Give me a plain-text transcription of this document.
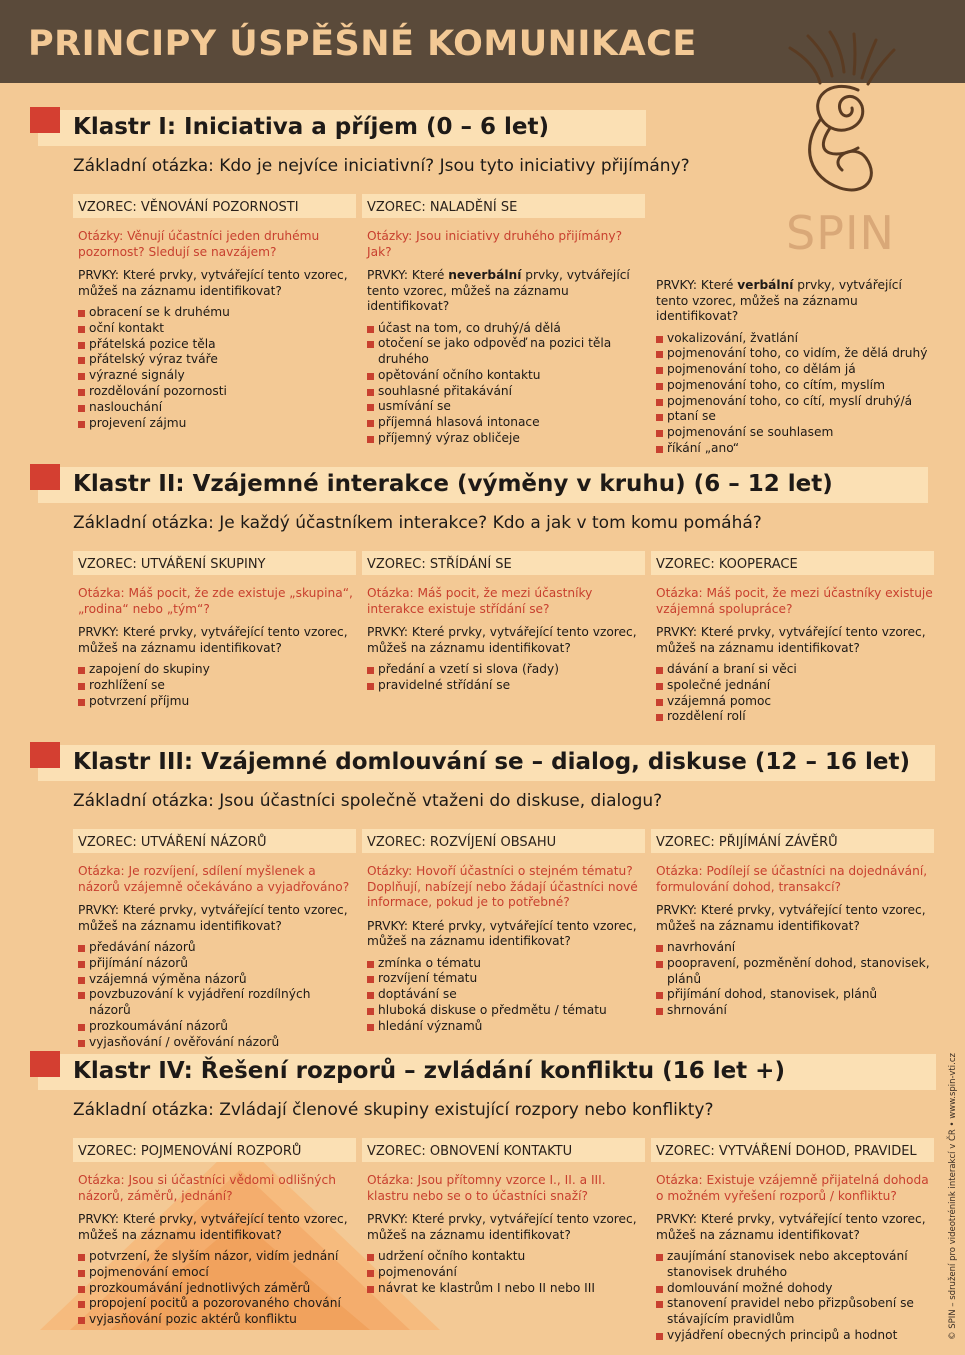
PRINCIPY ÚSPĚŠNÉ KOMUNIKACE
SPIN
© SPIN – sdružení pro videotrénink interakcí v ČR • www.spin-vti.cz
Klastr I: Iniciativa a příjem (0 – 6 let)
Základní otázka: Kdo je nejvíce iniciativní? Jsou tyto iniciativy přijímány?
VZOREC: VĚNOVÁNÍ POZORNOSTI
Otázky: Věnují účastníci jeden druhému pozornost? Sledují se navzájem?
PRVKY: Které prvky, vytvářející tento vzorec, můžeš na záznamu identifikovat?
obracení se k druhému
oční kontakt
přátelská pozice těla
přátelský výraz tváře
výrazné signály
rozdělování pozornosti
naslouchání
projevení zájmu
VZOREC: NALADĚNÍ SE
Otázky: Jsou iniciativy druhého přijímány? Jak?
PRVKY: Které neverbální prvky, vytvářející tento vzorec, můžeš na záznamu identifikovat?
účast na tom, co druhý/á dělá
otočení se jako odpověď na pozici těla druhého
opětování očního kontaktu
souhlasné přitakávání
usmívání se
příjemná hlasová intonace
příjemný výraz obličeje
PRVKY: Které verbální prvky, vytvářející tento vzorec, můžeš na záznamu identifikovat?
vokalizování, žvatlání
pojmenování toho, co vidím, že dělá druhý
pojmenování toho, co dělám já
pojmenování toho, co cítím, myslím
pojmenování toho, co cítí, myslí druhý/á
ptaní se
pojmenování se souhlasem
říkání „ano“
Klastr II: Vzájemné interakce (výměny v kruhu) (6 – 12 let)
Základní otázka: Je každý účastníkem interakce? Kdo a jak v tom komu pomáhá?
VZOREC: UTVÁŘENÍ SKUPINY
Otázka: Máš pocit, že zde existuje „skupina“, „rodina“ nebo „tým“?
PRVKY: Které prvky, vytvářející tento vzorec, můžeš na záznamu identifikovat?
zapojení do skupiny
rozhlížení se
potvrzení příjmu
VZOREC: STŘÍDÁNÍ SE
Otázka: Máš pocit, že mezi účastníky interakce existuje střídání se?
PRVKY: Které prvky, vytvářející tento vzorec, můžeš na záznamu identifikovat?
předání a vzetí si slova (řady)
pravidelné střídání se
VZOREC: KOOPERACE
Otázka: Máš pocit, že mezi účastníky existuje vzájemná spolupráce?
PRVKY: Které prvky, vytvářející tento vzorec, můžeš na záznamu identifikovat?
dávání a braní si věci
společné jednání
vzájemná pomoc
rozdělení rolí
Klastr III: Vzájemné domlouvání se – dialog, diskuse (12 – 16 let)
Základní otázka: Jsou účastníci společně vtaženi do diskuse, dialogu?
VZOREC: UTVÁŘENÍ NÁZORŮ
Otázka: Je rozvíjení, sdílení myšlenek a názorů vzájemně očekáváno a vyjadřováno?
PRVKY: Které prvky, vytvářející tento vzorec, můžeš na záznamu identifikovat?
předávání názorů
přijímání názorů
vzájemná výměna názorů
povzbuzování k vyjádření rozdílných názorů
prozkoumávání názorů
vyjasňování / ověřování názorů
VZOREC: ROZVÍJENÍ OBSAHU
Otázky: Hovoří účastníci o stejném tématu? Doplňují, nabízejí nebo žádají účastníci nové informace, pokud je to potřebné?
PRVKY: Které prvky, vytvářející tento vzorec, můžeš na záznamu identifikovat?
zmínka o tématu
rozvíjení tématu
doptávání se
hluboká diskuse o předmětu / tématu
hledání významů
VZOREC: PŘIJÍMÁNÍ ZÁVĚRŮ
Otázka: Podílejí se účastníci na dojednávání, formulování dohod, transakcí?
PRVKY: Které prvky, vytvářející tento vzorec, můžeš na záznamu identifikovat?
navrhování
poopravení, pozměnění dohod, stanovisek, plánů
přijímání dohod, stanovisek, plánů
shrnování
Klastr IV: Řešení rozporů – zvládání konfliktu (16 let +)
Základní otázka: Zvládají členové skupiny existující rozpory nebo konflikty?
VZOREC: POJMENOVÁNÍ ROZPORŮ
Otázka: Jsou si účastníci vědomi odlišných názorů, záměrů, jednání?
PRVKY: Které prvky, vytvářející tento vzorec, můžeš na záznamu identifikovat?
potvrzení, že slyším názor, vidím jednání
pojmenování emocí
prozkoumávání jednotlivých záměrů
propojení pocitů a pozorovaného chování
vyjasňování pozic aktérů konfliktu
VZOREC: OBNOVENÍ KONTAKTU
Otázka: Jsou přítomny vzorce I., II. a III. klastru nebo se o to účastníci snaží?
PRVKY: Které prvky, vytvářející tento vzorec, můžeš na záznamu identifikovat?
udržení očního kontaktu
pojmenování
návrat ke klastrům I nebo II nebo III
VZOREC: VYTVÁŘENÍ DOHOD, PRAVIDEL
Otázka: Existuje vzájemně přijatelná dohoda o možném vyřešení rozporů / konfliktu?
PRVKY: Které prvky, vytvářející tento vzorec, můžeš na záznamu identifikovat?
zaujímání stanovisek nebo akceptování stanovisek druhého
domlouvání možné dohody
stanovení pravidel nebo přizpůsobení se stávajícím pravidlům
vyjádření obecných principů a hodnot
